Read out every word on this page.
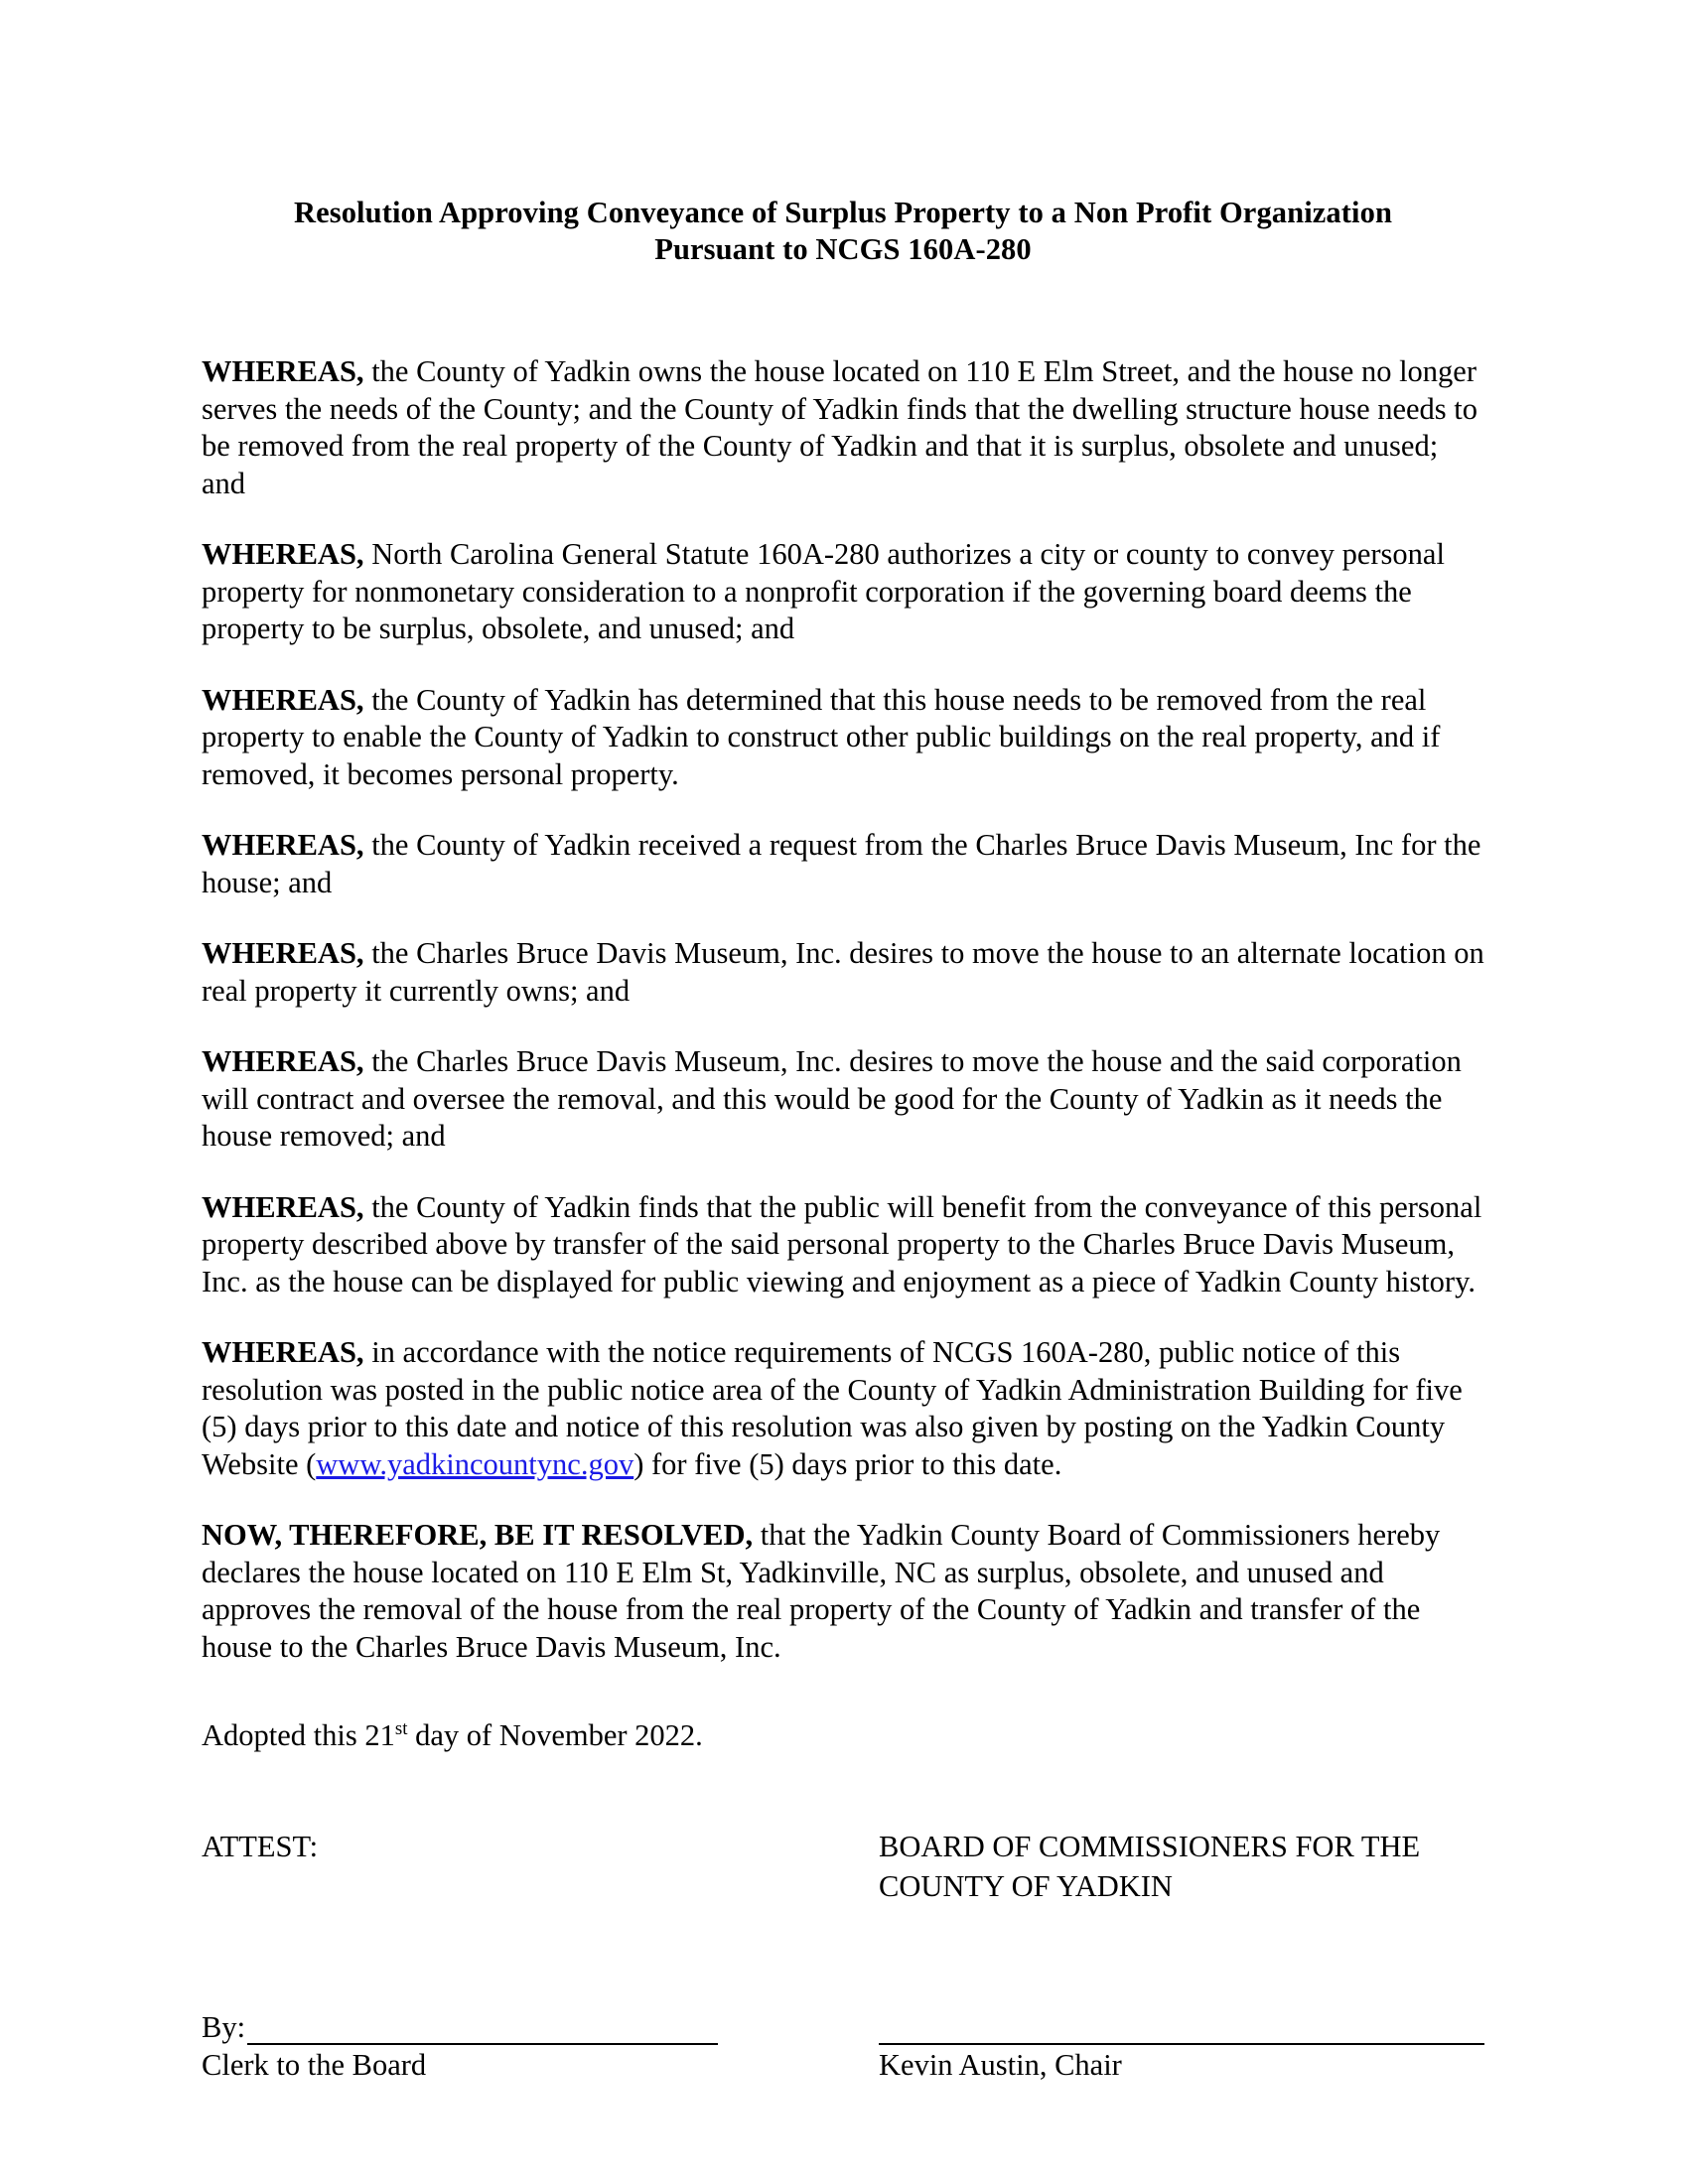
Resolution Approving Conveyance of Surplus Property to a Non Profit Organization
Pursuant to NCGS 160A-280

WHEREAS, the County of Yadkin owns the house located on 110 E Elm Street, and the house no longer serves the needs of the County; and the County of Yadkin finds that the dwelling structure house needs to be removed from the real property of the County of Yadkin and that it is surplus, obsolete and unused; and

WHEREAS, North Carolina General Statute 160A-280 authorizes a city or county to convey personal property for nonmonetary consideration to a nonprofit corporation if the governing board deems the property to be surplus, obsolete, and unused; and

WHEREAS, the County of Yadkin has determined that this house needs to be removed from the real property to enable the County of Yadkin to construct other public buildings on the real property, and if removed, it becomes personal property.

WHEREAS, the County of Yadkin received a request from the Charles Bruce Davis Museum, Inc for the house; and

WHEREAS, the Charles Bruce Davis Museum, Inc. desires to move the house to an alternate location on real property it currently owns; and

WHEREAS, the Charles Bruce Davis Museum, Inc. desires to move the house and the said corporation will contract and oversee the removal, and this would be good for the County of Yadkin as it needs the house removed; and

WHEREAS, the County of Yadkin finds that the public will benefit from the conveyance of this personal property described above by transfer of the said personal property to the Charles Bruce Davis Museum, Inc. as the house can be displayed for public viewing and enjoyment as a piece of Yadkin County history.

WHEREAS, in accordance with the notice requirements of NCGS 160A-280, public notice of this resolution was posted in the public notice area of the County of Yadkin Administration Building for five (5) days prior to this date and notice of this resolution was also given by posting on the Yadkin County Website (www.yadkincountync.gov) for five (5) days prior to this date.

NOW, THEREFORE, BE IT RESOLVED, that the Yadkin County Board of Commissioners hereby declares the house located on 110 E Elm St, Yadkinville, NC as surplus, obsolete, and unused and approves the removal of the house from the real property of the County of Yadkin and transfer of the house to the Charles Bruce Davis Museum, Inc.

Adopted this 21st day of November 2022.

ATTEST:	BOARD OF COMMISSIONERS FOR THE
COUNTY OF YADKIN
By:
Clerk to the Board	Kevin Austin, Chair
